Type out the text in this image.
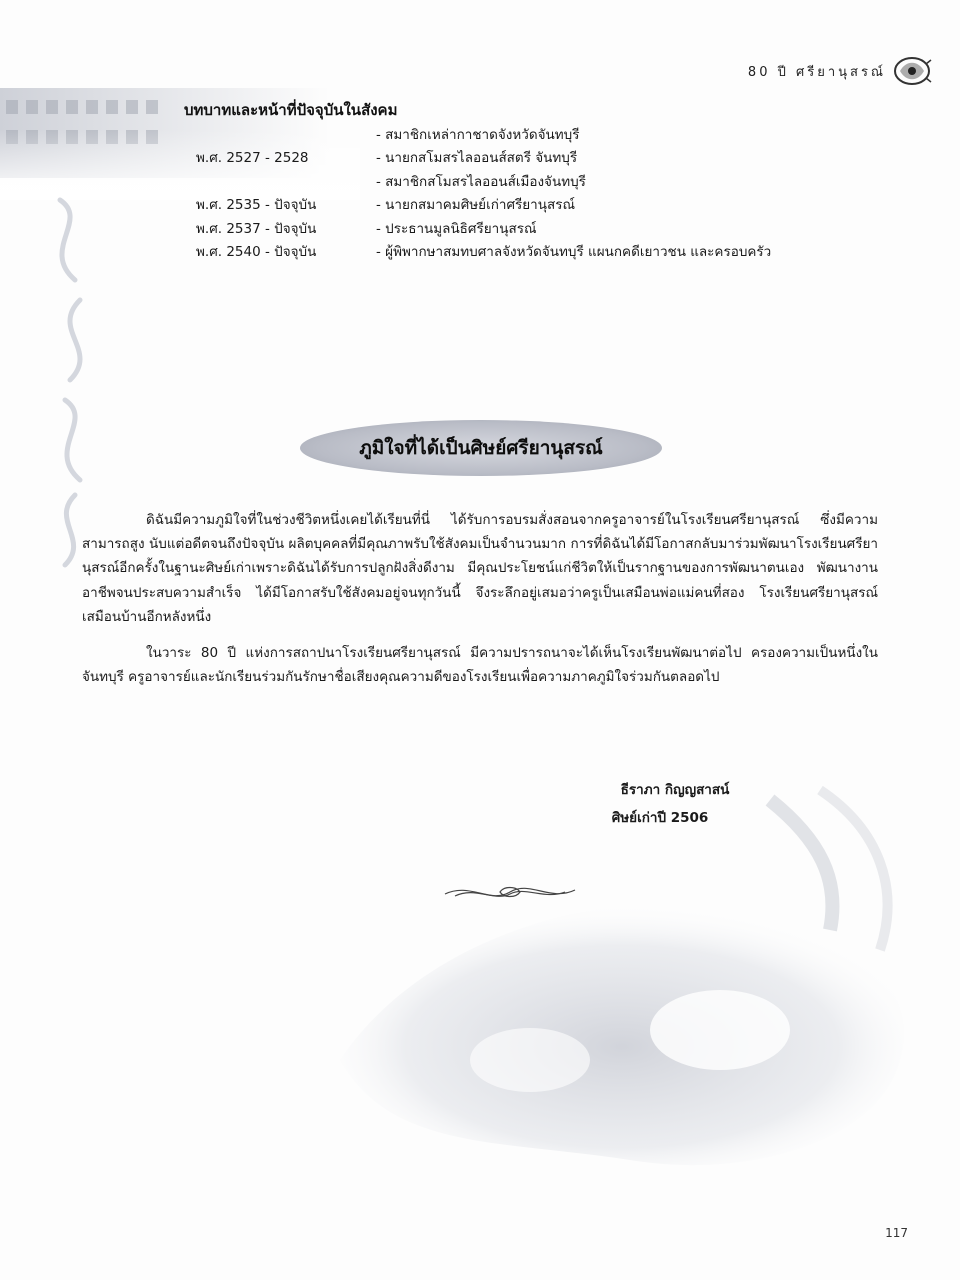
80 ปี ศรียานุสรณ์
บทบาทและหน้าที่ปัจจุบันในสังคม
- สมาชิกเหล่ากาชาดจังหวัดจันทบุรี
พ.ศ. 2527 - 2528	- นายกสโมสรไลออนส์สตรี จันทบุรี
- สมาชิกสโมสรไลออนส์เมืองจันทบุรี
พ.ศ. 2535 - ปัจจุบัน	- นายกสมาคมศิษย์เก่าศรียานุสรณ์
พ.ศ. 2537 - ปัจจุบัน	- ประธานมูลนิธิศรียานุสรณ์
พ.ศ. 2540 - ปัจจุบัน	- ผู้พิพากษาสมทบศาลจังหวัดจันทบุรี แผนกคดีเยาวชน และครอบครัว
ภูมิใจที่ได้เป็นศิษย์ศรียานุสรณ์

ดิฉันมีความภูมิใจที่ในช่วงชีวิตหนึ่งเคยได้เรียนที่นี่ ได้รับการอบรมสั่งสอนจากครูอาจารย์ในโรงเรียนศรียานุสรณ์ ซึ่งมีความสามารถสูง นับแต่อดีตจนถึงปัจจุบัน ผลิตบุคคลที่มีคุณภาพรับใช้สังคมเป็นจำนวนมาก การที่ดิฉันได้มีโอกาสกลับมาร่วมพัฒนาโรงเรียนศรียานุสรณ์อีกครั้งในฐานะศิษย์เก่าเพราะดิฉันได้รับการปลูกฝังสิ่งดีงาม มีคุณประโยชน์แก่ชีวิตให้เป็นรากฐานของการพัฒนาตนเอง พัฒนางานอาชีพจนประสบความสำเร็จ ได้มีโอกาสรับใช้สังคมอยู่จนทุกวันนี้ จึงระลึกอยู่เสมอว่าครูเป็นเสมือนพ่อแม่คนที่สอง โรงเรียนศรียานุสรณ์เสมือนบ้านอีกหลังหนึ่ง

ในวาระ 80 ปี แห่งการสถาปนาโรงเรียนศรียานุสรณ์ มีความปรารถนาจะได้เห็นโรงเรียนพัฒนาต่อไป ครองความเป็นหนึ่งในจันทบุรี ครูอาจารย์และนักเรียนร่วมกันรักษาชื่อเสียงคุณความดีของโรงเรียนเพื่อความภาคภูมิใจร่วมกันตลอดไป

ธีราภา กิญญสาสน์
ศิษย์เก่าปี 2506
117
